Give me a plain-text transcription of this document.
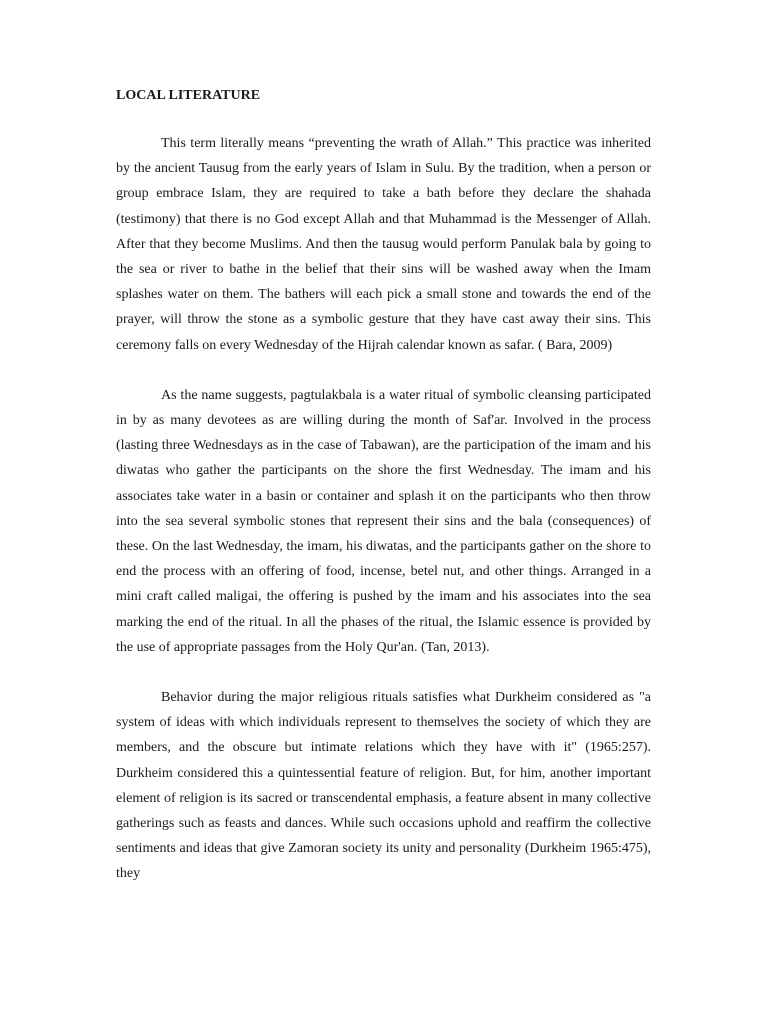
LOCAL LITERATURE

This term literally means “preventing the wrath of Allah.” This practice was inherited by the ancient Tausug from the early years of Islam in Sulu. By the tradition, when a person or group embrace Islam, they are required to take a bath before they declare the shahada (testimony) that there is no God except Allah and that Muhammad is the Messenger of Allah. After that they become Muslims. And then the tausug would perform Panulak bala by going to the sea or river to bathe in the belief that their sins will be washed away when the Imam splashes water on them. The bathers will each pick a small stone and towards the end of the prayer, will throw the stone as a symbolic gesture that they have cast away their sins. This ceremony falls on every Wednesday of the Hijrah calendar known as safar. ( Bara, 2009)

As the name suggests, pagtulakbala is a water ritual of symbolic cleansing participated in by as many devotees as are willing during the month of Saf'ar. Involved in the process (lasting three Wednesdays as in the case of Tabawan), are the participation of the imam and his diwatas who gather the participants on the shore the first Wednesday. The imam and his associates take water in a basin or container and splash it on the participants who then throw into the sea several symbolic stones that represent their sins and the bala (consequences) of these. On the last Wednesday, the imam, his diwatas, and the participants gather on the shore to end the process with an offering of food, incense, betel nut, and other things. Arranged in a mini craft called maligai, the offering is pushed by the imam and his associates into the sea marking the end of the ritual. In all the phases of the ritual, the Islamic essence is provided by the use of appropriate passages from the Holy Qur'an. (Tan, 2013).

Behavior during the major religious rituals satisfies what Durkheim considered as "a system of ideas with which individuals represent to themselves the society of which they are members, and the obscure but intimate relations which they have with it" (1965:257). Durkheim considered this a quintessential feature of religion. But, for him, another important element of religion is its sacred or transcendental emphasis, a feature absent in many collective gatherings such as feasts and dances. While such occasions uphold and reaffirm the collective sentiments and ideas that give Zamoran society its unity and personality (Durkheim 1965:475), they
